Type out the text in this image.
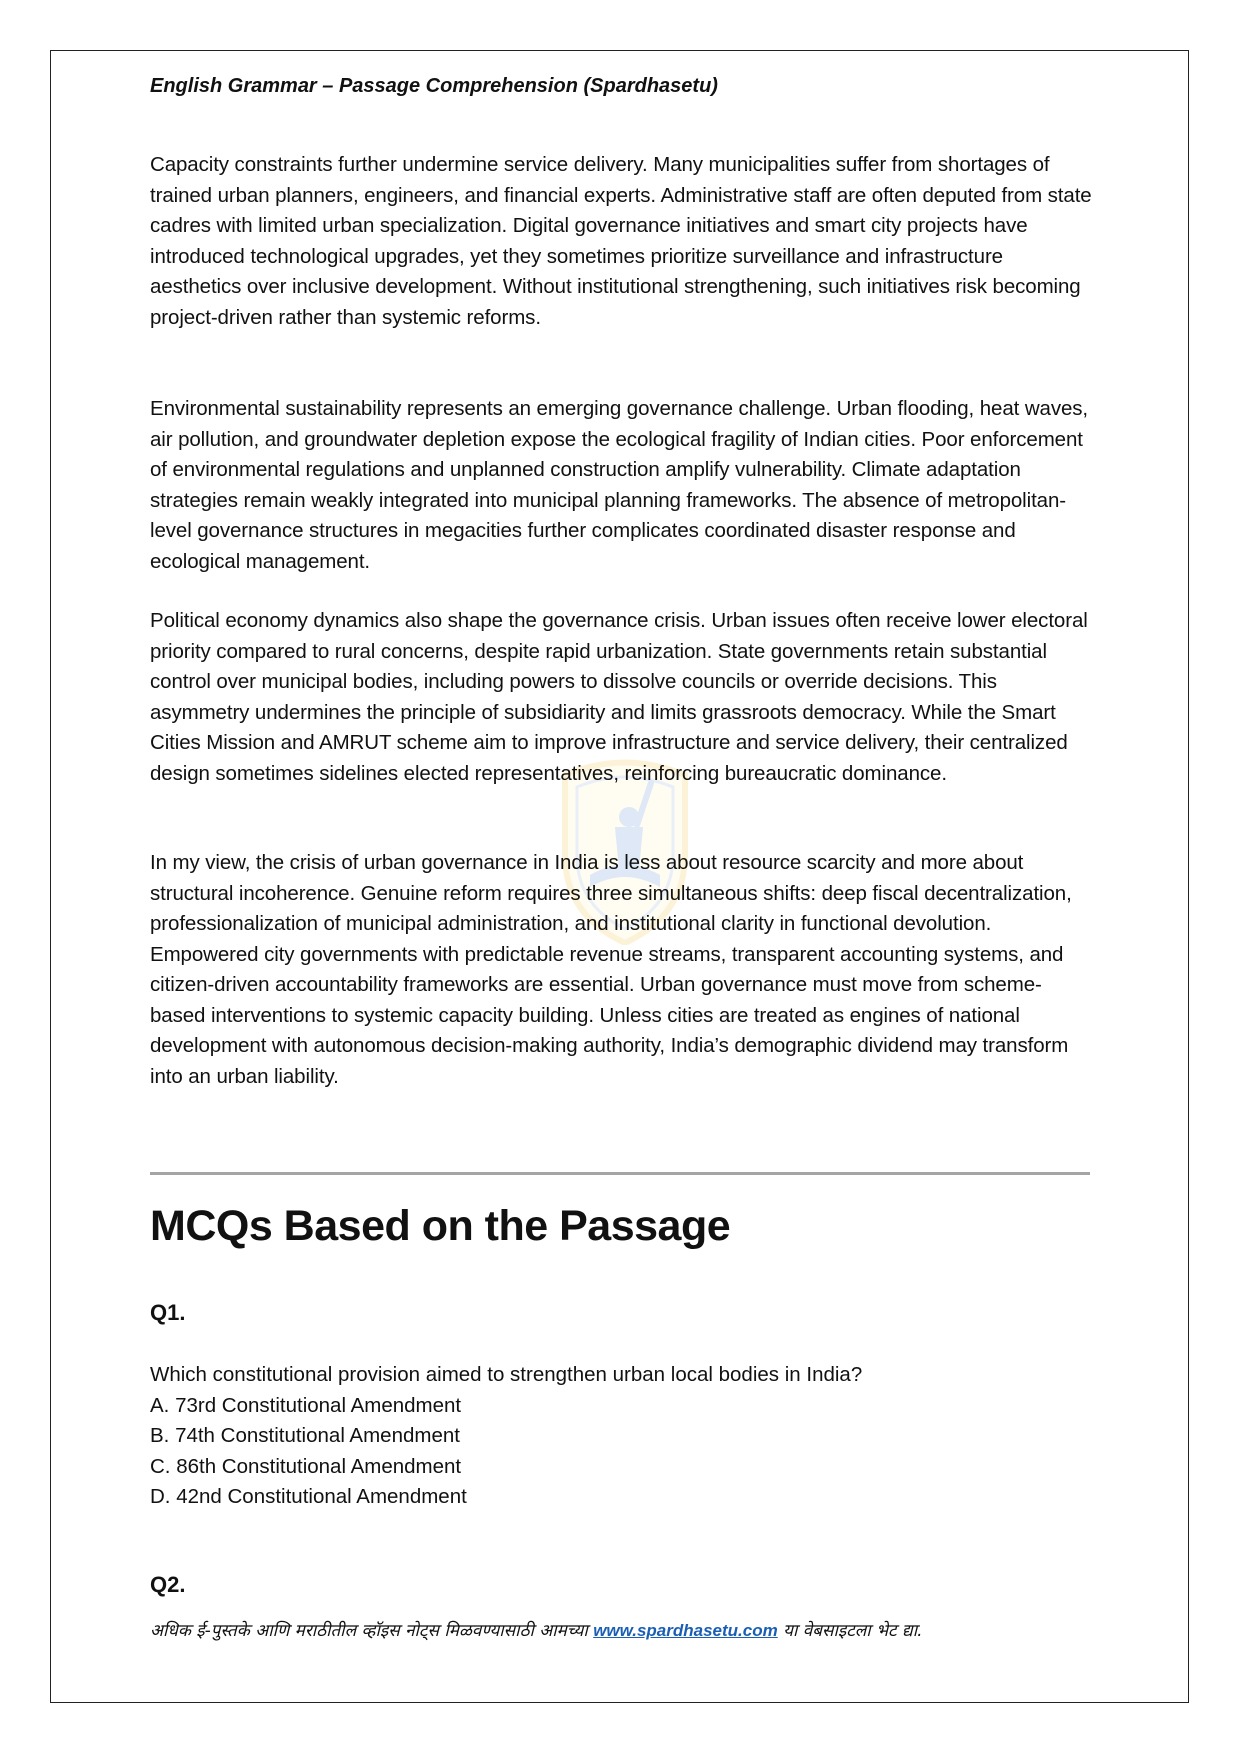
English Grammar – Passage Comprehension (Spardhasetu)

Capacity constraints further undermine service delivery. Many municipalities suffer from shortages of trained urban planners, engineers, and financial experts. Administrative staff are often deputed from state cadres with limited urban specialization. Digital governance initiatives and smart city projects have introduced technological upgrades, yet they sometimes prioritize surveillance and infrastructure aesthetics over inclusive development. Without institutional strengthening, such initiatives risk becoming project-driven rather than systemic reforms.

Environmental sustainability represents an emerging governance challenge. Urban flooding, heat waves, air pollution, and groundwater depletion expose the ecological fragility of Indian cities. Poor enforcement of environmental regulations and unplanned construction amplify vulnerability. Climate adaptation strategies remain weakly integrated into municipal planning frameworks. The absence of metropolitan-level governance structures in megacities further complicates coordinated disaster response and ecological management.

Political economy dynamics also shape the governance crisis. Urban issues often receive lower electoral priority compared to rural concerns, despite rapid urbanization. State governments retain substantial control over municipal bodies, including powers to dissolve councils or override decisions. This asymmetry undermines the principle of subsidiarity and limits grassroots democracy. While the Smart Cities Mission and AMRUT scheme aim to improve infrastructure and service delivery, their centralized design sometimes sidelines elected representatives, reinforcing bureaucratic dominance.

In my view, the crisis of urban governance in India is less about resource scarcity and more about structural incoherence. Genuine reform requires three simultaneous shifts: deep fiscal decentralization, professionalization of municipal administration, and institutional clarity in functional devolution. Empowered city governments with predictable revenue streams, transparent accounting systems, and citizen-driven accountability frameworks are essential. Urban governance must move from scheme-based interventions to systemic capacity building. Unless cities are treated as engines of national development with autonomous decision-making authority, India’s demographic dividend may transform into an urban liability.

MCQs Based on the Passage

Q1.

Which constitutional provision aimed to strengthen urban local bodies in India?
A. 73rd Constitutional Amendment
B. 74th Constitutional Amendment
C. 86th Constitutional Amendment
D. 42nd Constitutional Amendment

Q2.

अधिक ई-पुस्तके आणि मराठीतील व्हॉइस नोट्स मिळवण्यासाठी आमच्या www.spardhasetu.com या वेबसाइटला भेट द्या.
